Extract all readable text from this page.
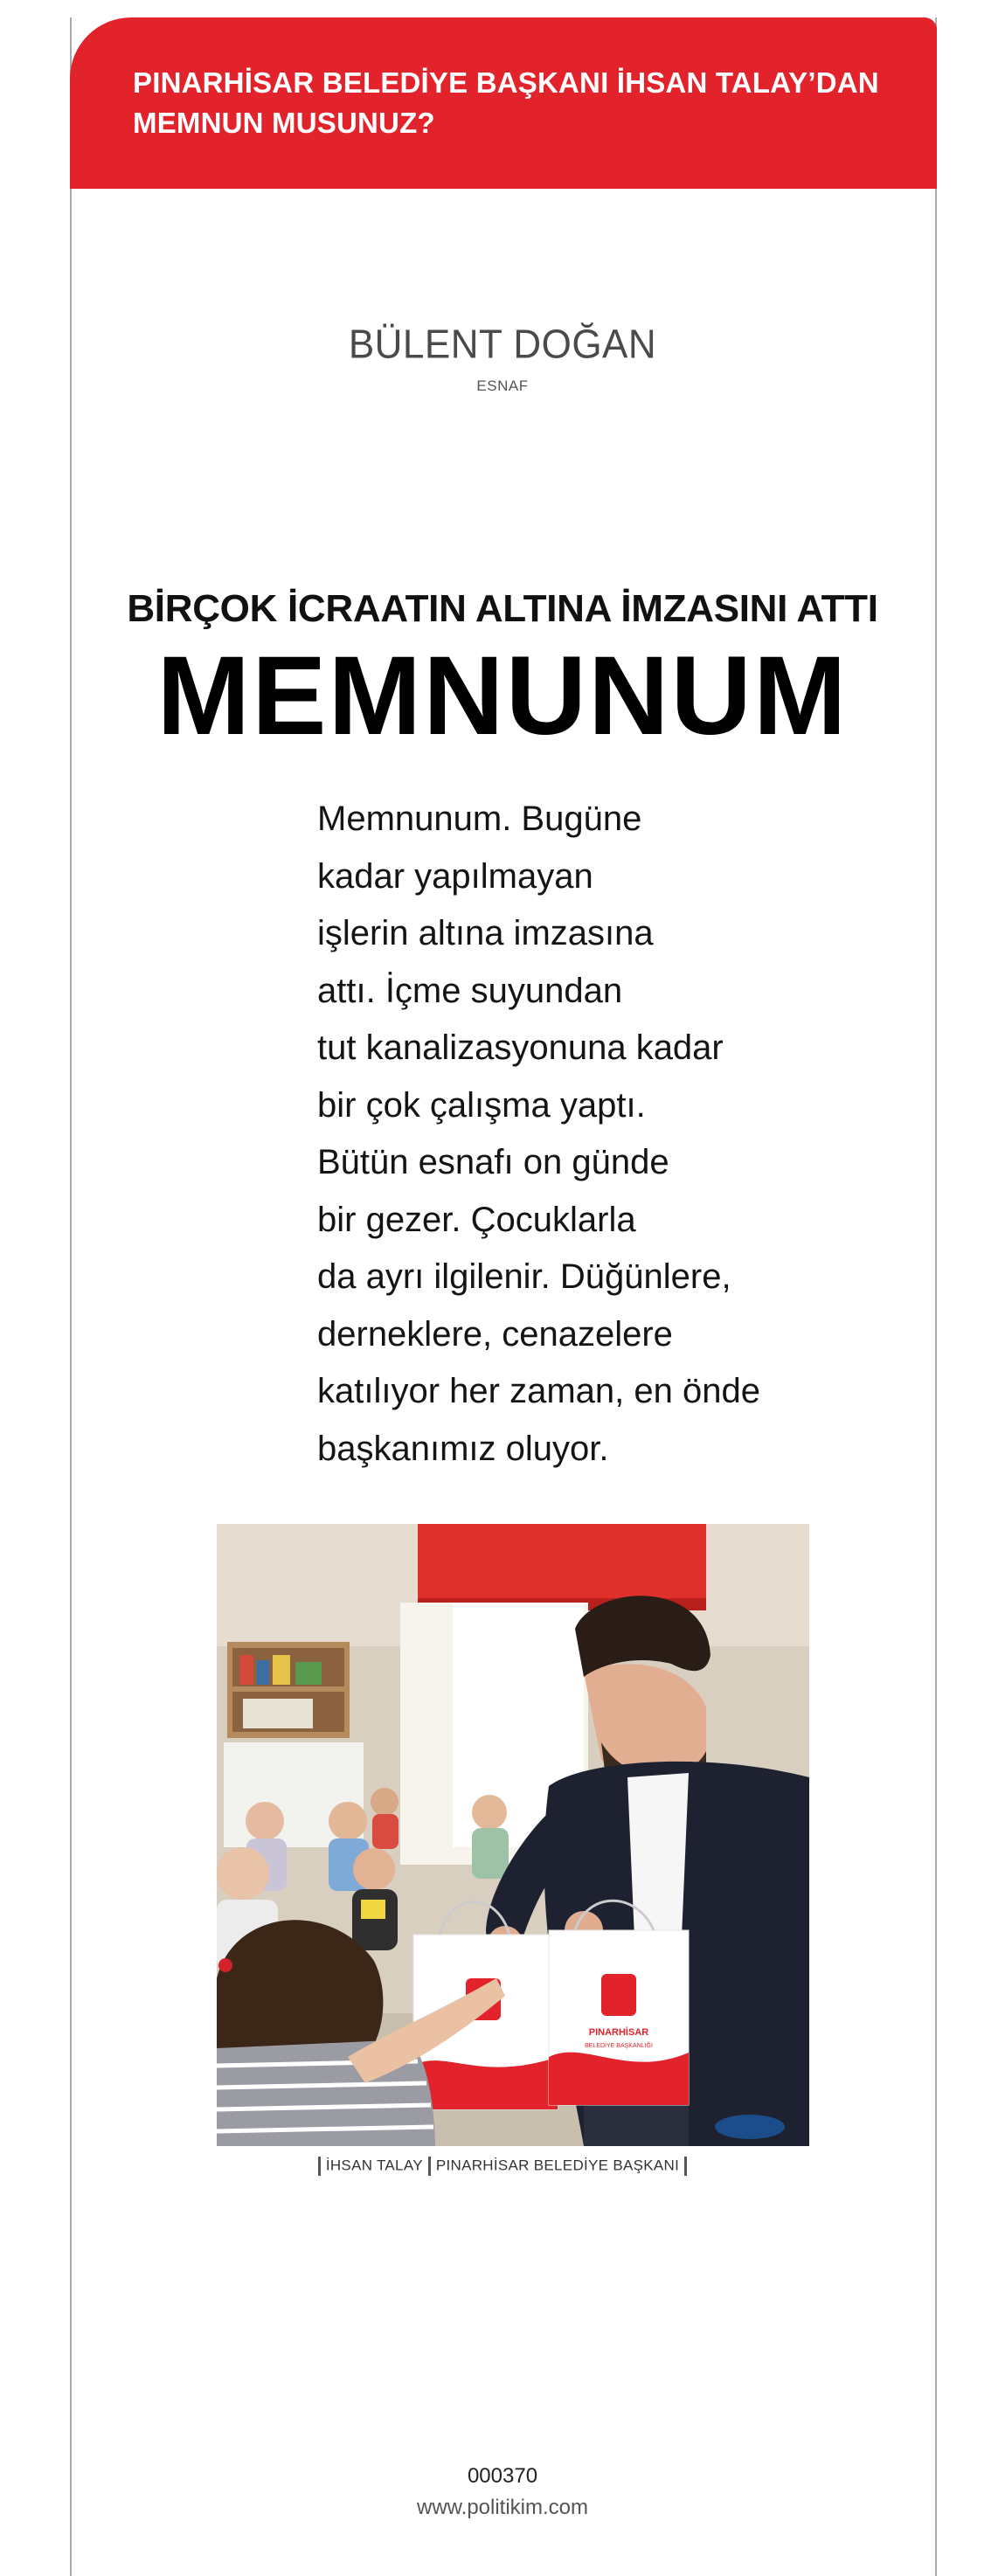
PINARHİSAR BELEDİYE BAŞKANI İHSAN TALAY’DAN
MEMNUN MUSUNUZ?

BÜLENT DOĞAN
ESNAF
BİRÇOK İCRAATIN ALTINA İMZASINI ATTI
MEMNUNUM

Memnunum. Bugüne
kadar yapılmayan
işlerin altına imzasına
attı. İçme suyundan
tut kanalizasyonuna kadar
bir çok çalışma yaptı.
Bütün esnafı on günde
bir gezer. Çocuklarla
da ayrı ilgilenir. Düğünlere,
derneklere, cenazelere
katılıyor her zaman, en önde
başkanımız oluyor.

PINARHİSAR
BELEDİYE BAŞKANLIĞI
İHSAN TALAY PINARHİSAR BELEDİYE BAŞKANI
000370
www.politikim.com
